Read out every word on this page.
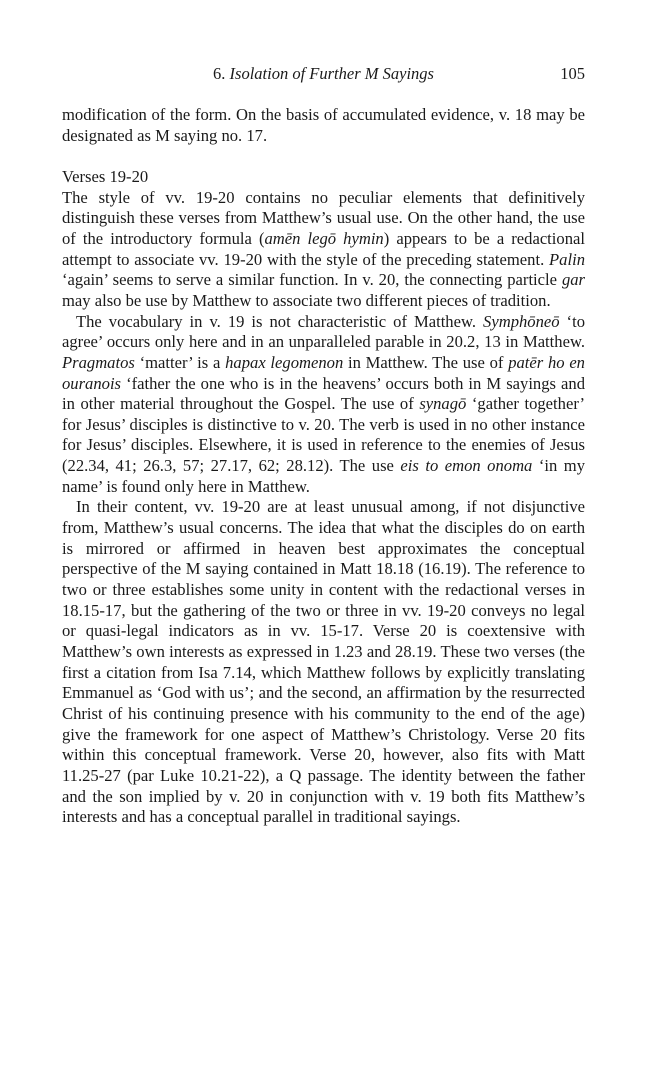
6. Isolation of Further M Sayings	105

modification of the form. On the basis of accumulated evidence, v. 18 may be designated as M saying no. 17.

Verses 19-20

The style of vv. 19-20 contains no peculiar elements that definitively distinguish these verses from Matthew’s usual use. On the other hand, the use of the introductory formula (amēn legō hymin) appears to be a redactional attempt to associate vv. 19-20 with the style of the preceding statement. Palin ‘again’ seems to serve a similar function. In v. 20, the connecting particle gar may also be use by Matthew to associate two different pieces of tradition.

The vocabulary in v. 19 is not characteristic of Matthew. Symphōneō ‘to agree’ occurs only here and in an unparalleled parable in 20.2, 13 in Matthew. Pragmatos ‘matter’ is a hapax legomenon in Matthew. The use of patēr ho en ouranois ‘father the one who is in the heavens’ occurs both in M sayings and in other material throughout the Gospel. The use of synagō ‘gather together’ for Jesus’ disciples is distinctive to v. 20. The verb is used in no other instance for Jesus’ disciples. Elsewhere, it is used in reference to the enemies of Jesus (22.34, 41; 26.3, 57; 27.17, 62; 28.12). The use eis to emon onoma ‘in my name’ is found only here in Matthew.

In their content, vv. 19-20 are at least unusual among, if not disjunctive from, Matthew’s usual concerns. The idea that what the disciples do on earth is mirrored or affirmed in heaven best approximates the conceptual perspective of the M saying contained in Matt 18.18 (16.19). The reference to two or three establishes some unity in content with the redactional verses in 18.15-17, but the gathering of the two or three in vv. 19-20 conveys no legal or quasi-legal indicators as in vv. 15-17. Verse 20 is coextensive with Matthew’s own interests as expressed in 1.23 and 28.19. These two verses (the first a citation from Isa 7.14, which Matthew follows by explicitly translating Emmanuel as ‘God with us’; and the second, an affirmation by the resurrected Christ of his continuing presence with his community to the end of the age) give the framework for one aspect of Matthew’s Christology. Verse 20 fits within this conceptual framework. Verse 20, however, also fits with Matt 11.25-27 (par Luke 10.21-22), a Q passage. The identity between the father and the son implied by v. 20 in conjunction with v. 19 both fits Matthew’s interests and has a conceptual parallel in traditional sayings.
